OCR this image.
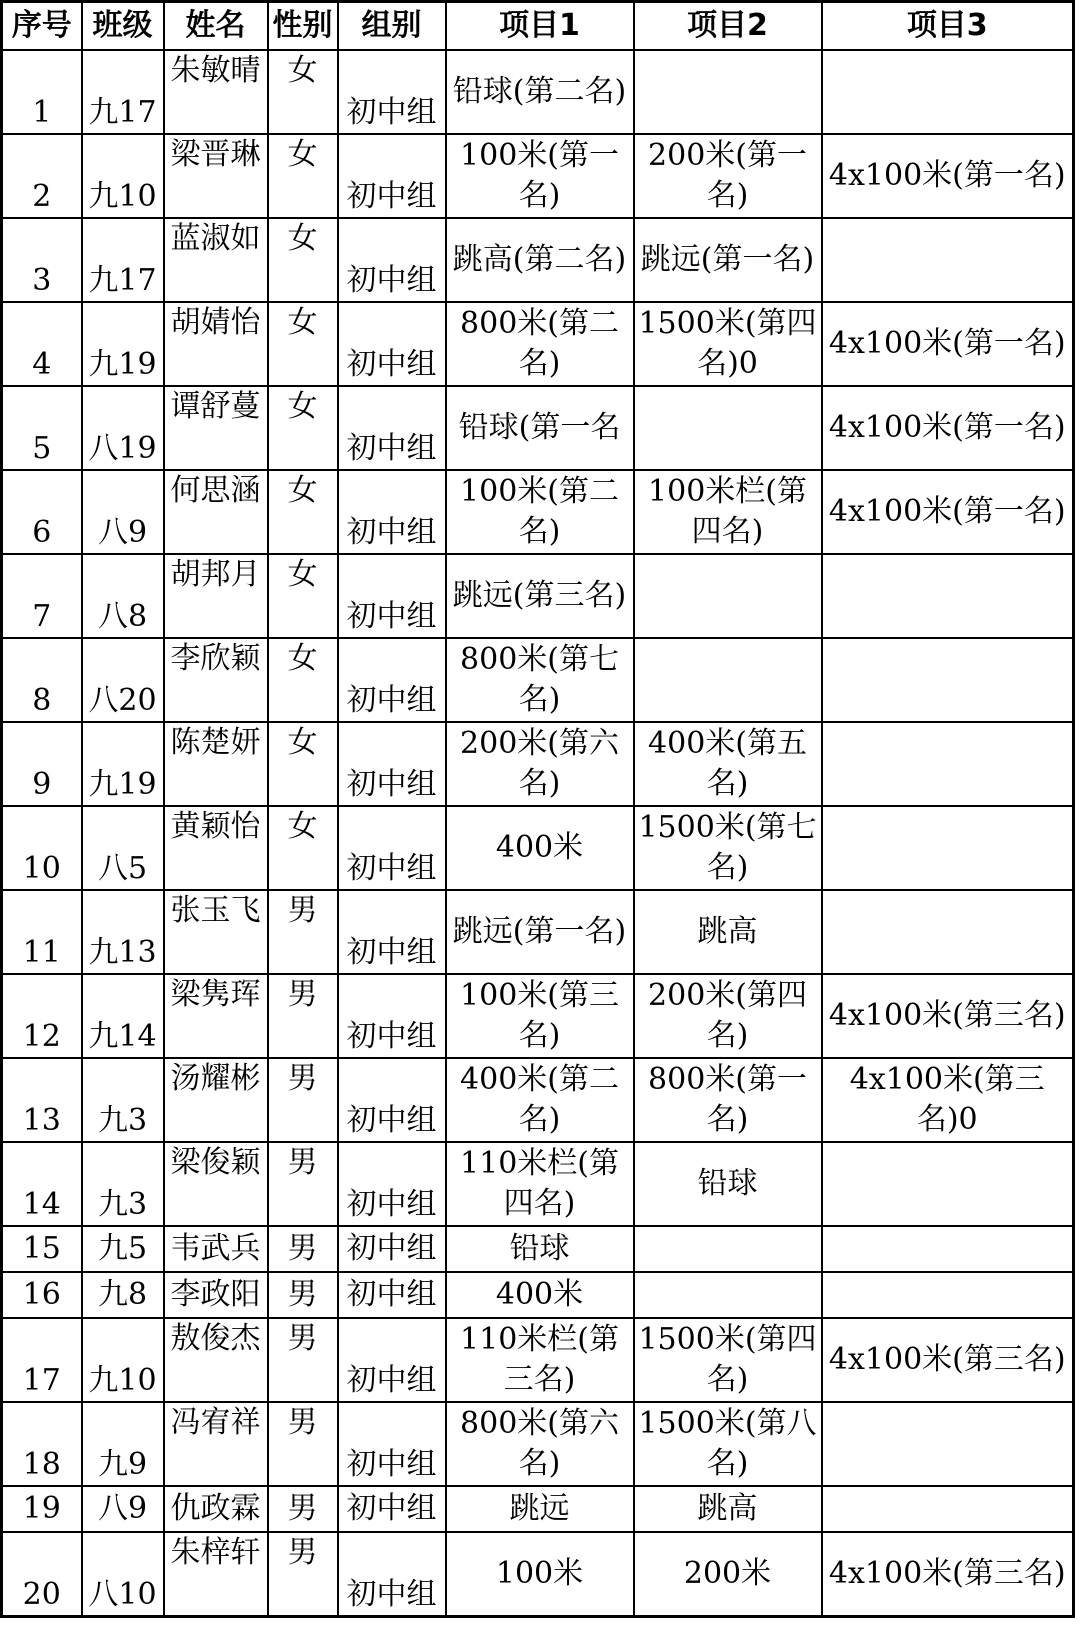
序号	班级	姓名	性别	组别	项目1	项目2	项目3
1	九17	朱敏晴	女	初中组	铅球(第二名)		
2	九10	梁晋琳	女	初中组	100米(第一名)	200米(第一名)	4x100米(第一名)
3	九17	蓝淑如	女	初中组	跳高(第二名)	跳远(第一名)	
4	九19	胡婧怡	女	初中组	800米(第二名)	1500米(第四名)0	4x100米(第一名)
5	八19	谭舒蔓	女	初中组	铅球(第一名		4x100米(第一名)
6	八9	何思涵	女	初中组	100米(第二名)	100米栏(第四名)	4x100米(第一名)
7	八8	胡邦月	女	初中组	跳远(第三名)		
8	八20	李欣颖	女	初中组	800米(第七名)		
9	九19	陈楚妍	女	初中组	200米(第六名)	400米(第五名)	
10	八5	黄颖怡	女	初中组	400米	1500米(第七名)	
11	九13	张玉飞	男	初中组	跳远(第一名)	跳高	
12	九14	梁隽珲	男	初中组	100米(第三名)	200米(第四名)	4x100米(第三名)
13	九3	汤耀彬	男	初中组	400米(第二名)	800米(第一名)	4x100米(第三名)0
14	九3	梁俊颖	男	初中组	110米栏(第四名)	铅球	
15	九5	韦武兵	男	初中组	铅球		
16	九8	李政阳	男	初中组	400米		
17	九10	敖俊杰	男	初中组	110米栏(第三名)	1500米(第四名)	4x100米(第三名)
18	九9	冯宥祥	男	初中组	800米(第六名)	1500米(第八名)	
19	八9	仇政霖	男	初中组	跳远	跳高	
20	八10	朱梓轩	男	初中组	100米	200米	4x100米(第三名)
